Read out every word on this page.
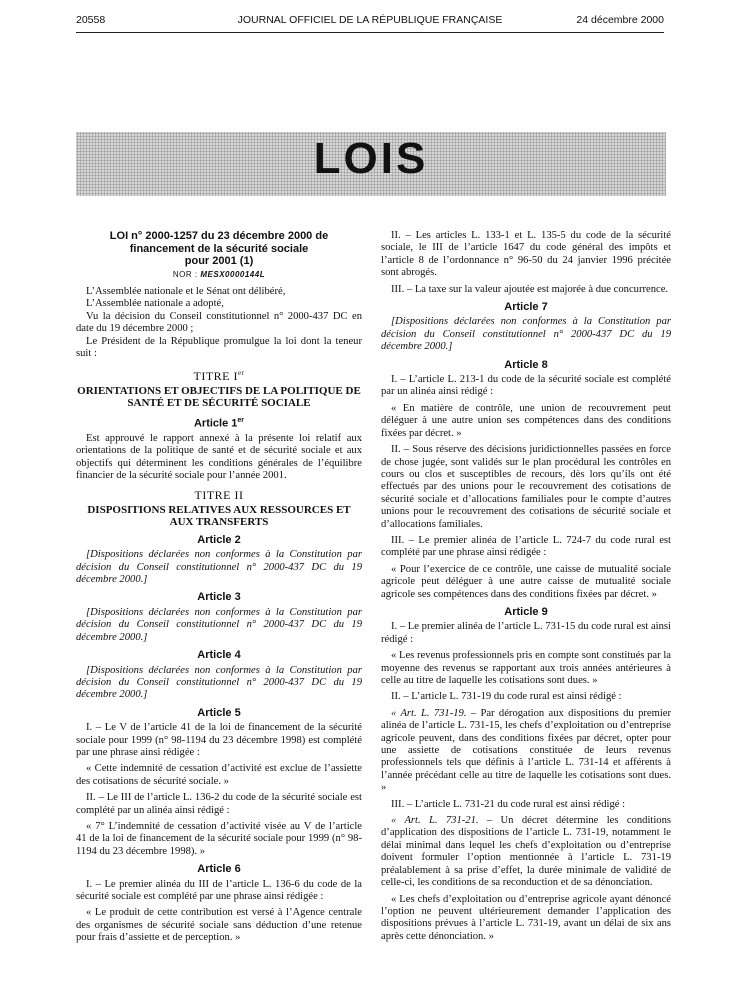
20558	JOURNAL OFFICIEL DE LA RÉPUBLIQUE FRANÇAISE	24 décembre 2000
LOIS

LOI n° 2000-1257 du 23 décembre 2000 de

financement de la sécurité sociale

pour 2001 (1)

NOR : MESX0000144L

L’Assemblée nationale et le Sénat ont délibéré,

L’Assemblée nationale a adopté,

Vu la décision du Conseil constitutionnel n° 2000-437 DC en date du 19 décembre 2000 ;

Le Président de la République promulgue la loi dont la teneur suit :

TITRE Ier

ORIENTATIONS ET OBJECTIFS DE LA POLITIQUE DE SANTÉ ET DE SÉCURITÉ SOCIALE

Article 1er

Est approuvé le rapport annexé à la présente loi relatif aux orientations de la politique de santé et de sécurité sociale et aux objectifs qui déterminent les conditions générales de l’équilibre financier de la sécurité sociale pour l’année 2001.

TITRE II

DISPOSITIONS RELATIVES AUX RESSOURCES ET AUX TRANSFERTS

Article 2

[Dispositions déclarées non conformes à la Constitution par décision du Conseil constitutionnel n° 2000-437 DC du 19 décembre 2000.]

Article 3

[Dispositions déclarées non conformes à la Constitution par décision du Conseil constitutionnel n° 2000-437 DC du 19 décembre 2000.]

Article 4

[Dispositions déclarées non conformes à la Constitution par décision du Conseil constitutionnel n° 2000-437 DC du 19 décembre 2000.]

Article 5

I. – Le V de l’article 41 de la loi de financement de la sécurité sociale pour 1999 (n° 98-1194 du 23 décembre 1998) est complété par une phrase ainsi rédigée :

« Cette indemnité de cessation d’activité est exclue de l’assiette des cotisations de sécurité sociale. »

II. – Le III de l’article L. 136-2 du code de la sécurité sociale est complété par un alinéa ainsi rédigé :

« 7° L’indemnité de cessation d’activité visée au V de l’article 41 de la loi de financement de la sécurité sociale pour 1999 (n° 98-1194 du 23 décembre 1998). »

Article 6

I. – Le premier alinéa du III de l’article L. 136-6 du code de la sécurité sociale est complété par une phrase ainsi rédigée :

« Le produit de cette contribution est versé à l’Agence centrale des organismes de sécurité sociale sans déduction d’une retenue pour frais d’assiette et de perception. »

II. – Les articles L. 133-1 et L. 135-5 du code de la sécurité sociale, le III de l’article 1647 du code général des impôts et l’article 8 de l’ordonnance n° 96-50 du 24 janvier 1996 précitée sont abrogés.

III. – La taxe sur la valeur ajoutée est majorée à due concurrence.

Article 7

[Dispositions déclarées non conformes à la Constitution par décision du Conseil constitutionnel n° 2000-437 DC du 19 décembre 2000.]

Article 8

I. – L’article L. 213-1 du code de la sécurité sociale est complété par un alinéa ainsi rédigé :

« En matière de contrôle, une union de recouvrement peut déléguer à une autre union ses compétences dans des conditions fixées par décret. »

II. – Sous réserve des décisions juridictionnelles passées en force de chose jugée, sont validés sur le plan procédural les contrôles en cours ou clos et susceptibles de recours, dès lors qu’ils ont été effectués par des unions pour le recouvrement des cotisations de sécurité sociale et d’allocations familiales pour le compte d’autres unions pour le recouvrement des cotisations de sécurité sociale et d’allocations familiales.

III. – Le premier alinéa de l’article L. 724-7 du code rural est complété par une phrase ainsi rédigée :

« Pour l’exercice de ce contrôle, une caisse de mutualité sociale agricole peut déléguer à une autre caisse de mutualité sociale agricole ses compétences dans des conditions fixées par décret. »

Article 9

I. – Le premier alinéa de l’article L. 731-15 du code rural est ainsi rédigé :

« Les revenus professionnels pris en compte sont constitués par la moyenne des revenus se rapportant aux trois années antérieures à celle au titre de laquelle les cotisations sont dues. »

II. – L’article L. 731-19 du code rural est ainsi rédigé :

« Art. L. 731-19. – Par dérogation aux dispositions du premier alinéa de l’article L. 731-15, les chefs d’exploitation ou d’entreprise agricole peuvent, dans des conditions fixées par décret, opter pour une assiette de cotisations constituée de leurs revenus professionnels tels que définis à l’article L. 731-14 et afférents à l’année précédant celle au titre de laquelle les cotisations sont dues. »

III. – L’article L. 731-21 du code rural est ainsi rédigé :

« Art. L. 731-21. – Un décret détermine les conditions d’application des dispositions de l’article L. 731-19, notamment le délai minimal dans lequel les chefs d’exploitation ou d’entreprise doivent formuler l’option mentionnée à l’article L. 731-19 préalablement à sa prise d’effet, la durée minimale de validité de celle-ci, les conditions de sa reconduction et de sa dénonciation.

« Les chefs d’exploitation ou d’entreprise agricole ayant dénoncé l’option ne peuvent ultérieurement demander l’application des dispositions prévues à l’article L. 731-19, avant un délai de six ans après cette dénonciation. »
